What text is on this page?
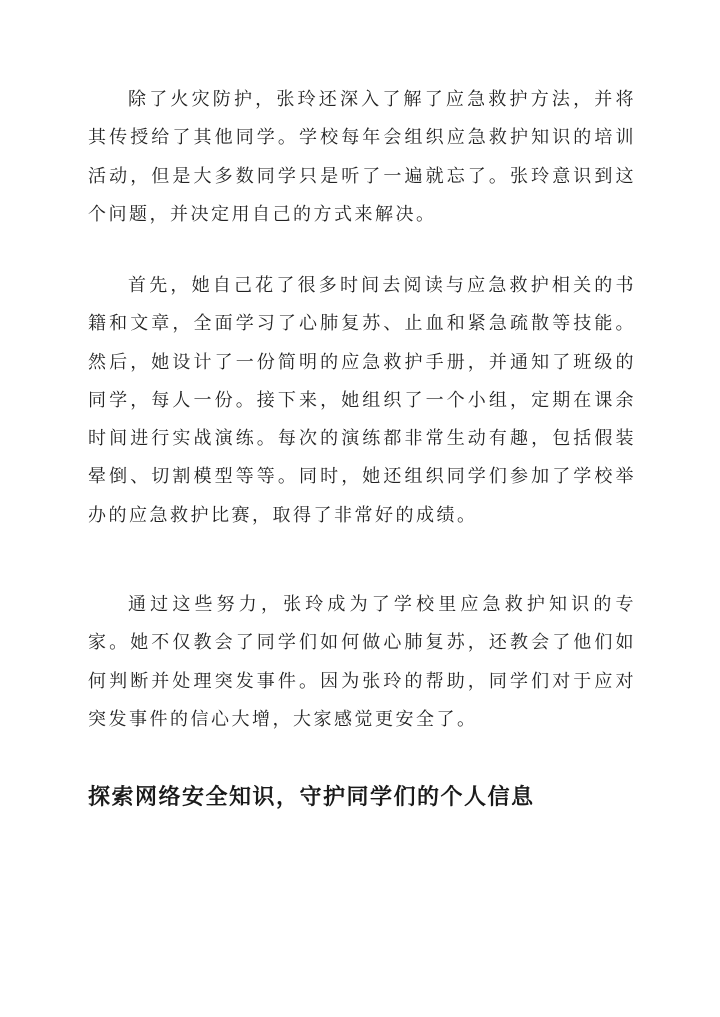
除了火灾防护，张玲还深入了解了应急救护方法，并将其传授给了其他同学。学校每年会组织应急救护知识的培训活动，但是大多数同学只是听了一遍就忘了。张玲意识到这个问题，并决定用自己的方式来解决。

首先，她自己花了很多时间去阅读与应急救护相关的书籍和文章，全面学习了心肺复苏、止血和紧急疏散等技能。然后，她设计了一份简明的应急救护手册，并通知了班级的同学，每人一份。接下来，她组织了一个小组，定期在课余时间进行实战演练。每次的演练都非常生动有趣，包括假装晕倒、切割模型等等。同时，她还组织同学们参加了学校举办的应急救护比赛，取得了非常好的成绩。

通过这些努力，张玲成为了学校里应急救护知识的专家。她不仅教会了同学们如何做心肺复苏，还教会了他们如何判断并处理突发事件。因为张玲的帮助，同学们对于应对突发事件的信心大增，大家感觉更安全了。

探索网络安全知识，守护同学们的个人信息
